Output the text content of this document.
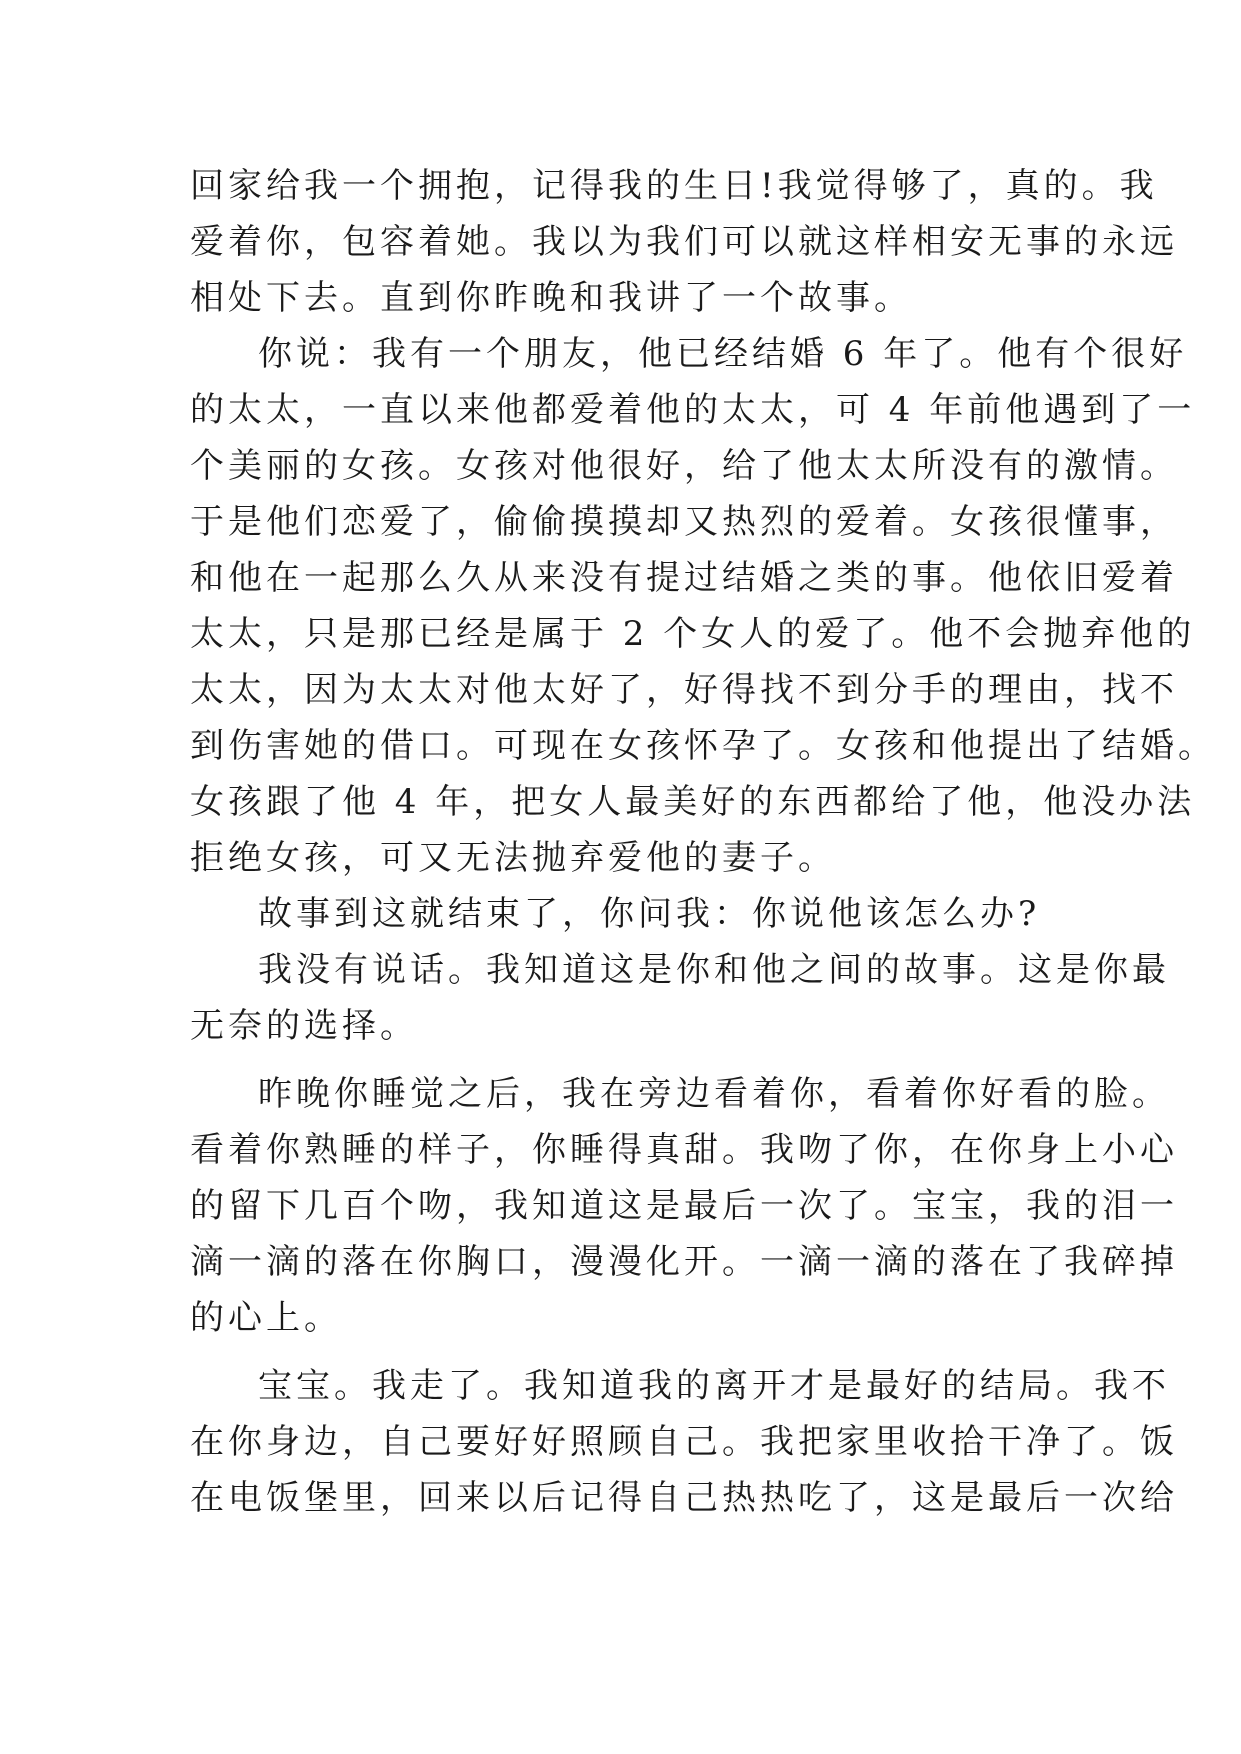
回家给我一个拥抱，记得我的生日!我觉得够了，真的。我
爱着你，包容着她。我以为我们可以就这样相安无事的永远
相处下去。直到你昨晚和我讲了一个故事。
你说：我有一个朋友，他已经结婚 6 年了。他有个很好
的太太，一直以来他都爱着他的太太，可 4 年前他遇到了一
个美丽的女孩。女孩对他很好，给了他太太所没有的激情。
于是他们恋爱了，偷偷摸摸却又热烈的爱着。女孩很懂事，
和他在一起那么久从来没有提过结婚之类的事。他依旧爱着
太太，只是那已经是属于 2 个女人的爱了。他不会抛弃他的
太太，因为太太对他太好了，好得找不到分手的理由，找不
到伤害她的借口。可现在女孩怀孕了。女孩和他提出了结婚。
女孩跟了他 4 年，把女人最美好的东西都给了他，他没办法
拒绝女孩，可又无法抛弃爱他的妻子。
故事到这就结束了，你问我：你说他该怎么办?
我没有说话。我知道这是你和他之间的故事。这是你最
无奈的选择。
昨晚你睡觉之后，我在旁边看着你，看着你好看的脸。
看着你熟睡的样子，你睡得真甜。我吻了你，在你身上小心
的留下几百个吻，我知道这是最后一次了。宝宝，我的泪一
滴一滴的落在你胸口，漫漫化开。一滴一滴的落在了我碎掉
的心上。
宝宝。我走了。我知道我的离开才是最好的结局。我不
在你身边，自己要好好照顾自己。我把家里收拾干净了。饭
在电饭堡里，回来以后记得自己热热吃了，这是最后一次给
